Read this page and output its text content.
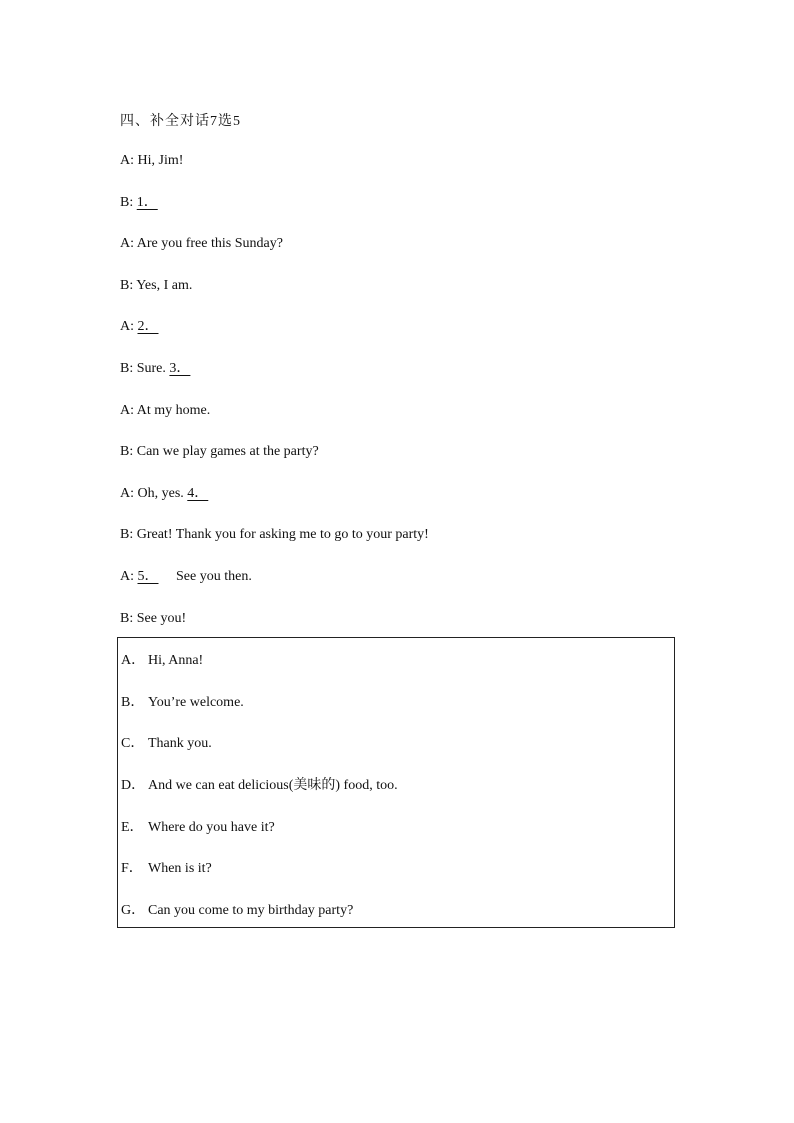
四、补全对话7选5
A: Hi, Jim!
B: 1．
A: Are you free this Sunday?
B: Yes, I am.
A: 2．
B: Sure. 3．
A: At my home.
B: Can we play games at the party?
A: Oh, yes. 4．
B: Great! Thank you for asking me to go to your party!
A: 5． See you then.
B: See you!
A． Hi, Anna!
B． You’re welcome.
C． Thank you.
D． And we can eat delicious(美味的) food, too.
E． Where do you have it?
F． When is it?
G． Can you come to my birthday party?
